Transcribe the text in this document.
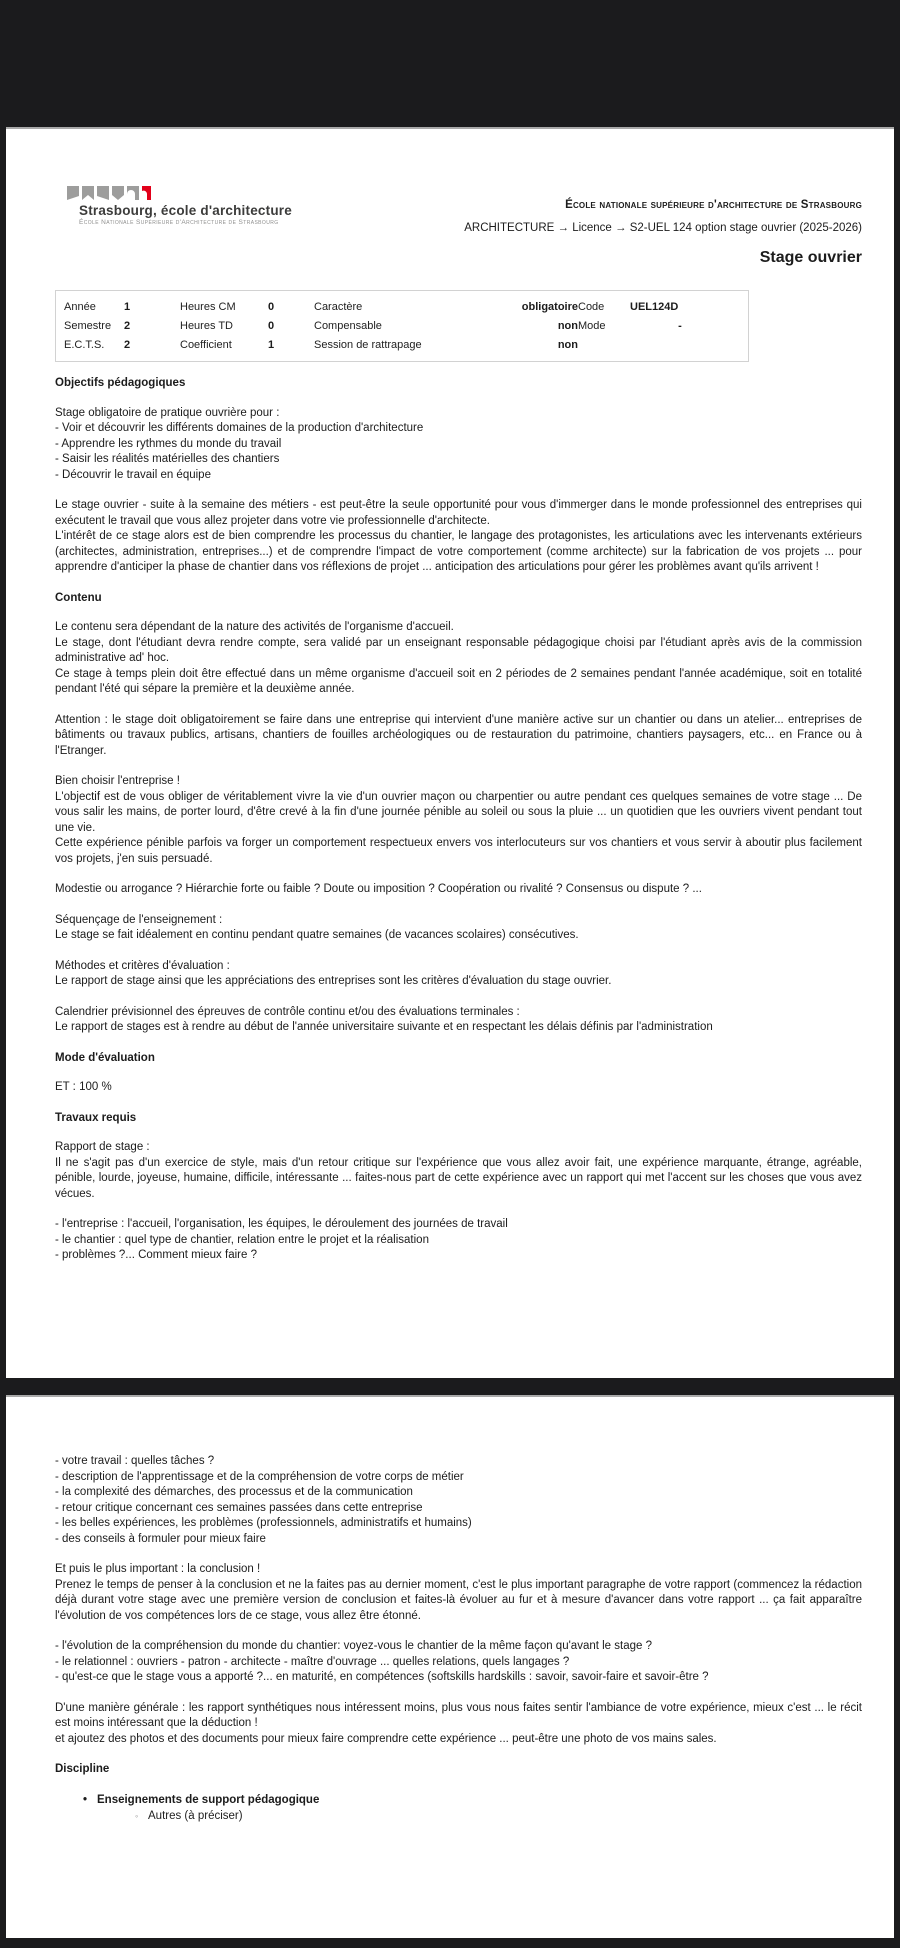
Strasbourg, école d'architecture
École Nationale Supérieure d'Architecture de Strasbourg
École nationale supérieure d'architecture de Strasbourg
ARCHITECTURE → Licence → S2-UEL 124 option stage ouvrier (2025-2026)
Stage ouvrier
Année	1	Heures CM	0	Caractère	obligatoire Code	UEL124D
Semestre	2	Heures TD	0	Compensable	non Mode	-
E.C.T.S.	2	Coefficient	1	Session de rattrapage	non
Objectifs pédagogiques

Stage obligatoire de pratique ouvrière pour :

- Voir et découvrir les différents domaines de la production d'architecture

- Apprendre les rythmes du monde du travail

- Saisir les réalités matérielles des chantiers

- Découvrir le travail en équipe

Le stage ouvrier - suite à la semaine des métiers - est peut-être la seule opportunité pour vous d'immerger dans le monde professionnel des entreprises qui exécutent le travail que vous allez projeter dans votre vie professionnelle d'architecte.

L'intérêt de ce stage alors est de bien comprendre les processus du chantier, le langage des protagonistes, les articulations avec les intervenants extérieurs (architectes, administration, entreprises...) et de comprendre l'impact de votre comportement (comme architecte) sur la fabrication de vos projets ... pour apprendre d'anticiper la phase de chantier dans vos réflexions de projet ... anticipation des articulations pour gérer les problèmes avant qu'ils arrivent !

Contenu

Le contenu sera dépendant de la nature des activités de l'organisme d'accueil.

Le stage, dont l'étudiant devra rendre compte, sera validé par un enseignant responsable pédagogique choisi par l'étudiant après avis de la commission administrative ad' hoc.

Ce stage à temps plein doit être effectué dans un même organisme d'accueil soit en 2 périodes de 2 semaines pendant l'année académique, soit en totalité pendant l'été qui sépare la première et la deuxième année.

Attention : le stage doit obligatoirement se faire dans une entreprise qui intervient d'une manière active sur un chantier ou dans un atelier... entreprises de bâtiments ou travaux publics, artisans, chantiers de fouilles archéologiques ou de restauration du patrimoine, chantiers paysagers, etc... en France ou à l'Etranger.

Bien choisir l'entreprise !

L'objectif est de vous obliger de véritablement vivre la vie d'un ouvrier maçon ou charpentier ou autre pendant ces quelques semaines de votre stage ... De vous salir les mains, de porter lourd, d'être crevé à la fin d'une journée pénible au soleil ou sous la pluie ... un quotidien que les ouvriers vivent pendant tout une vie.

Cette expérience pénible parfois va forger un comportement respectueux envers vos interlocuteurs sur vos chantiers et vous servir à aboutir plus facilement vos projets, j'en suis persuadé.

Modestie ou arrogance ? Hiérarchie forte ou faible ? Doute ou imposition ? Coopération ou rivalité ? Consensus ou dispute ? ...

Séquençage de l'enseignement :

Le stage se fait idéalement en continu pendant quatre semaines (de vacances scolaires) consécutives.

Méthodes et critères d'évaluation :

Le rapport de stage ainsi que les appréciations des entreprises sont les critères d'évaluation du stage ouvrier.

Calendrier prévisionnel des épreuves de contrôle continu et/ou des évaluations terminales :

Le rapport de stages est à rendre au début de l'année universitaire suivante et en respectant les délais définis par l'administration

Mode d'évaluation

ET : 100 %

Travaux requis

Rapport de stage :

Il ne s'agit pas d'un exercice de style, mais d'un retour critique sur l'expérience que vous allez avoir fait, une expérience marquante, étrange, agréable, pénible, lourde, joyeuse, humaine, difficile, intéressante ... faites-nous part de cette expérience avec un rapport qui met l'accent sur les choses que vous avez vécues.

- l'entreprise : l'accueil, l'organisation, les équipes, le déroulement des journées de travail

- le chantier : quel type de chantier, relation entre le projet et la réalisation

- problèmes ?... Comment mieux faire ?

- votre travail : quelles tâches ?

- description de l'apprentissage et de la compréhension de votre corps de métier

- la complexité des démarches, des processus et de la communication

- retour critique concernant ces semaines passées dans cette entreprise

- les belles expériences, les problèmes (professionnels, administratifs et humains)

- des conseils à formuler pour mieux faire

Et puis le plus important : la conclusion !

Prenez le temps de penser à la conclusion et ne la faites pas au dernier moment, c'est le plus important paragraphe de votre rapport (commencez la rédaction déjà durant votre stage avec une première version de conclusion et faites-là évoluer au fur et à mesure d'avancer dans votre rapport ... ça fait apparaître l'évolution de vos compétences lors de ce stage, vous allez être étonné.

- l'évolution de la compréhension du monde du chantier: voyez-vous le chantier de la même façon qu'avant le stage ?

- le relationnel : ouvriers - patron - architecte - maître d'ouvrage ... quelles relations, quels langages ?

- qu'est-ce que le stage vous a apporté ?... en maturité, en compétences (softskills hardskills : savoir, savoir-faire et savoir-être ?

D'une manière générale : les rapport synthétiques nous intéressent moins, plus vous nous faites sentir l'ambiance de votre expérience, mieux c'est ... le récit est moins intéressant que la déduction !

et ajoutez des photos et des documents pour mieux faire comprendre cette expérience ... peut-être une photo de vos mains sales.

Discipline
• Enseignements de support pédagogique
◦ Autres (à préciser)
